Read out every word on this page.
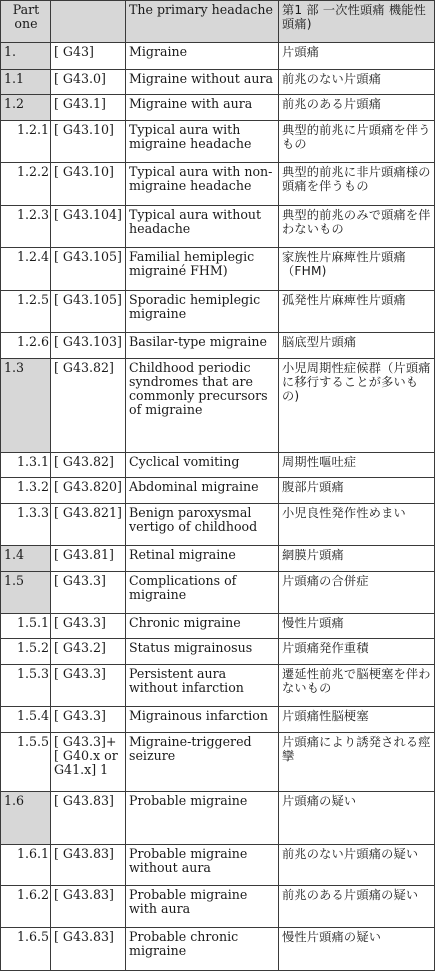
Part one		The primary headache	第1 部 一次性頭痛 機能性頭痛)
1.	[ G43]	Migraine	片頭痛
1.1	[ G43.0]	Migraine without aura	前兆のない片頭痛
1.2	[ G43.1]	Migraine with aura	前兆のある片頭痛
1.2.1	[ G43.10]	Typical aura with migraine headache	典型的前兆に片頭痛を伴うもの
1.2.2	[ G43.10]	Typical aura with non-migraine headache	典型的前兆に非片頭痛様の頭痛を伴うもの
1.2.3	[ G43.104]	Typical aura without headache	典型的前兆のみで頭痛を伴わないもの
1.2.4	[ G43.105]	Familial hemiplegic migrainé FHM)	家族性片麻痺性片頭痛（FHM)
1.2.5	[ G43.105]	Sporadic hemiplegic migraine	孤発性片麻痺性片頭痛
1.2.6	[ G43.103]	Basilar-type migraine	脳底型片頭痛
1.3	[ G43.82]	Childhood periodic syndromes that are commonly precursors of migraine	小児周期性症候群（片頭痛に移行することが多いもの)
1.3.1	[ G43.82]	Cyclical vomiting	周期性嘔吐症
1.3.2	[ G43.820]	Abdominal migraine	腹部片頭痛
1.3.3	[ G43.821]	Benign paroxysmal vertigo of childhood	小児良性発作性めまい
1.4	[ G43.81]	Retinal migraine	網膜片頭痛
1.5	[ G43.3]	Complications of migraine	片頭痛の合併症
1.5.1	[ G43.3]	Chronic migraine	慢性片頭痛
1.5.2	[ G43.2]	Status migrainosus	片頭痛発作重積
1.5.3	[ G43.3]	Persistent aura without infarction	遷延性前兆で脳梗塞を伴わないもの
1.5.4	[ G43.3]	Migrainous infarction	片頭痛性脳梗塞
1.5.5	[ G43.3]+ [ G40.x or G41.x] 1	Migraine-triggered seizure	片頭痛により誘発される痙攣
1.6	[ G43.83]	Probable migraine	片頭痛の疑い
1.6.1	[ G43.83]	Probable migraine without aura	前兆のない片頭痛の疑い
1.6.2	[ G43.83]	Probable migraine with aura	前兆のある片頭痛の疑い
1.6.5	[ G43.83]	Probable chronic migraine	慢性片頭痛の疑い
